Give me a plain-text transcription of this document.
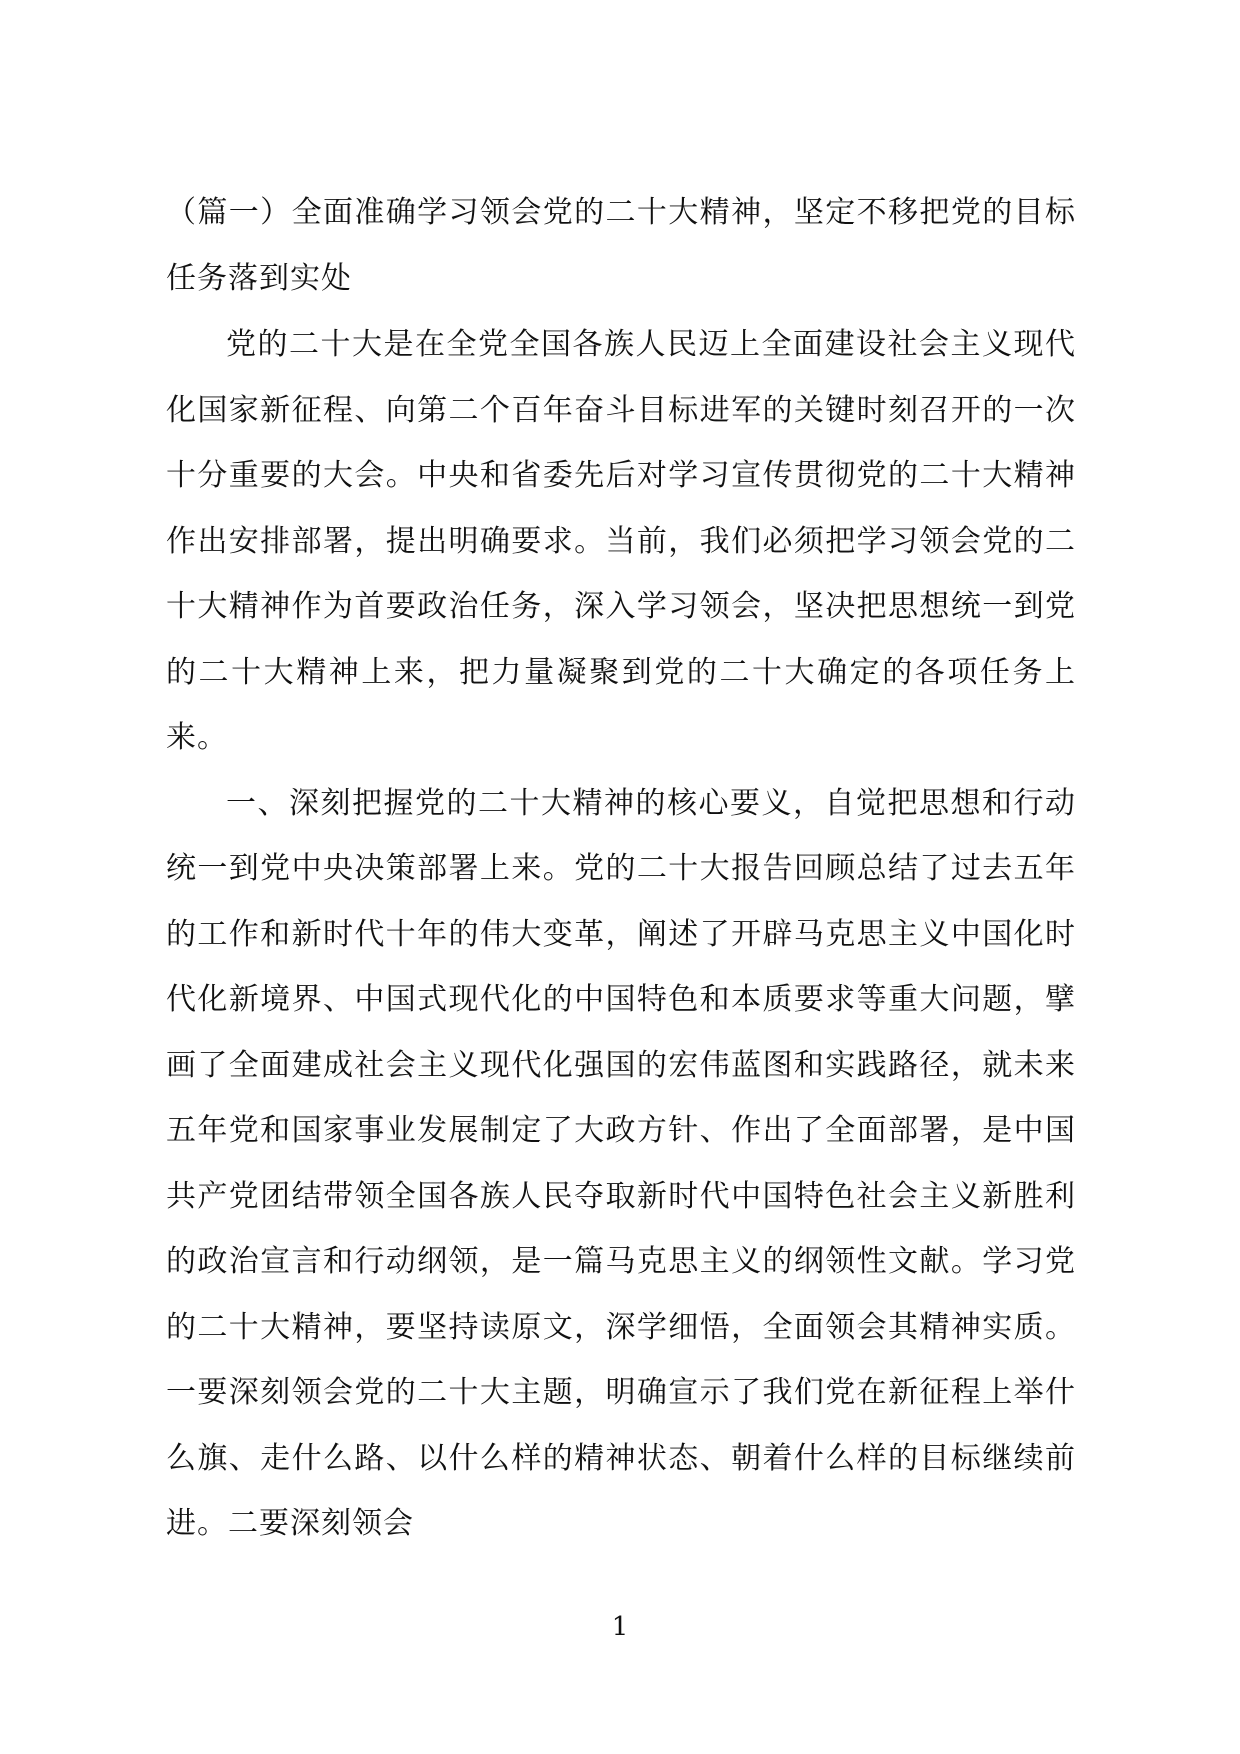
（篇一）全面准确学习领会党的二十大精神，坚定不移把党的目标任务落到实处

党的二十大是在全党全国各族人民迈上全面建设社会主义现代化国家新征程、向第二个百年奋斗目标进军的关键时刻召开的一次十分重要的大会。中央和省委先后对学习宣传贯彻党的二十大精神作出安排部署，提出明确要求。当前，我们必须把学习领会党的二十大精神作为首要政治任务，深入学习领会，坚决把思想统一到党的二十大精神上来，把力量凝聚到党的二十大确定的各项任务上来。

一、深刻把握党的二十大精神的核心要义，自觉把思想和行动统一到党中央决策部署上来。党的二十大报告回顾总结了过去五年的工作和新时代十年的伟大变革，阐述了开辟马克思主义中国化时代化新境界、中国式现代化的中国特色和本质要求等重大问题，擘画了全面建成社会主义现代化强国的宏伟蓝图和实践路径，就未来五年党和国家事业发展制定了大政方针、作出了全面部署，是中国共产党团结带领全国各族人民夺取新时代中国特色社会主义新胜利的政治宣言和行动纲领，是一篇马克思主义的纲领性文献。学习党的二十大精神，要坚持读原文，深学细悟，全面领会其精神实质。一要深刻领会党的二十大主题，明确宣示了我们党在新征程上举什么旗、走什么路、以什么样的精神状态、朝着什么样的目标继续前进。二要深刻领会

1
